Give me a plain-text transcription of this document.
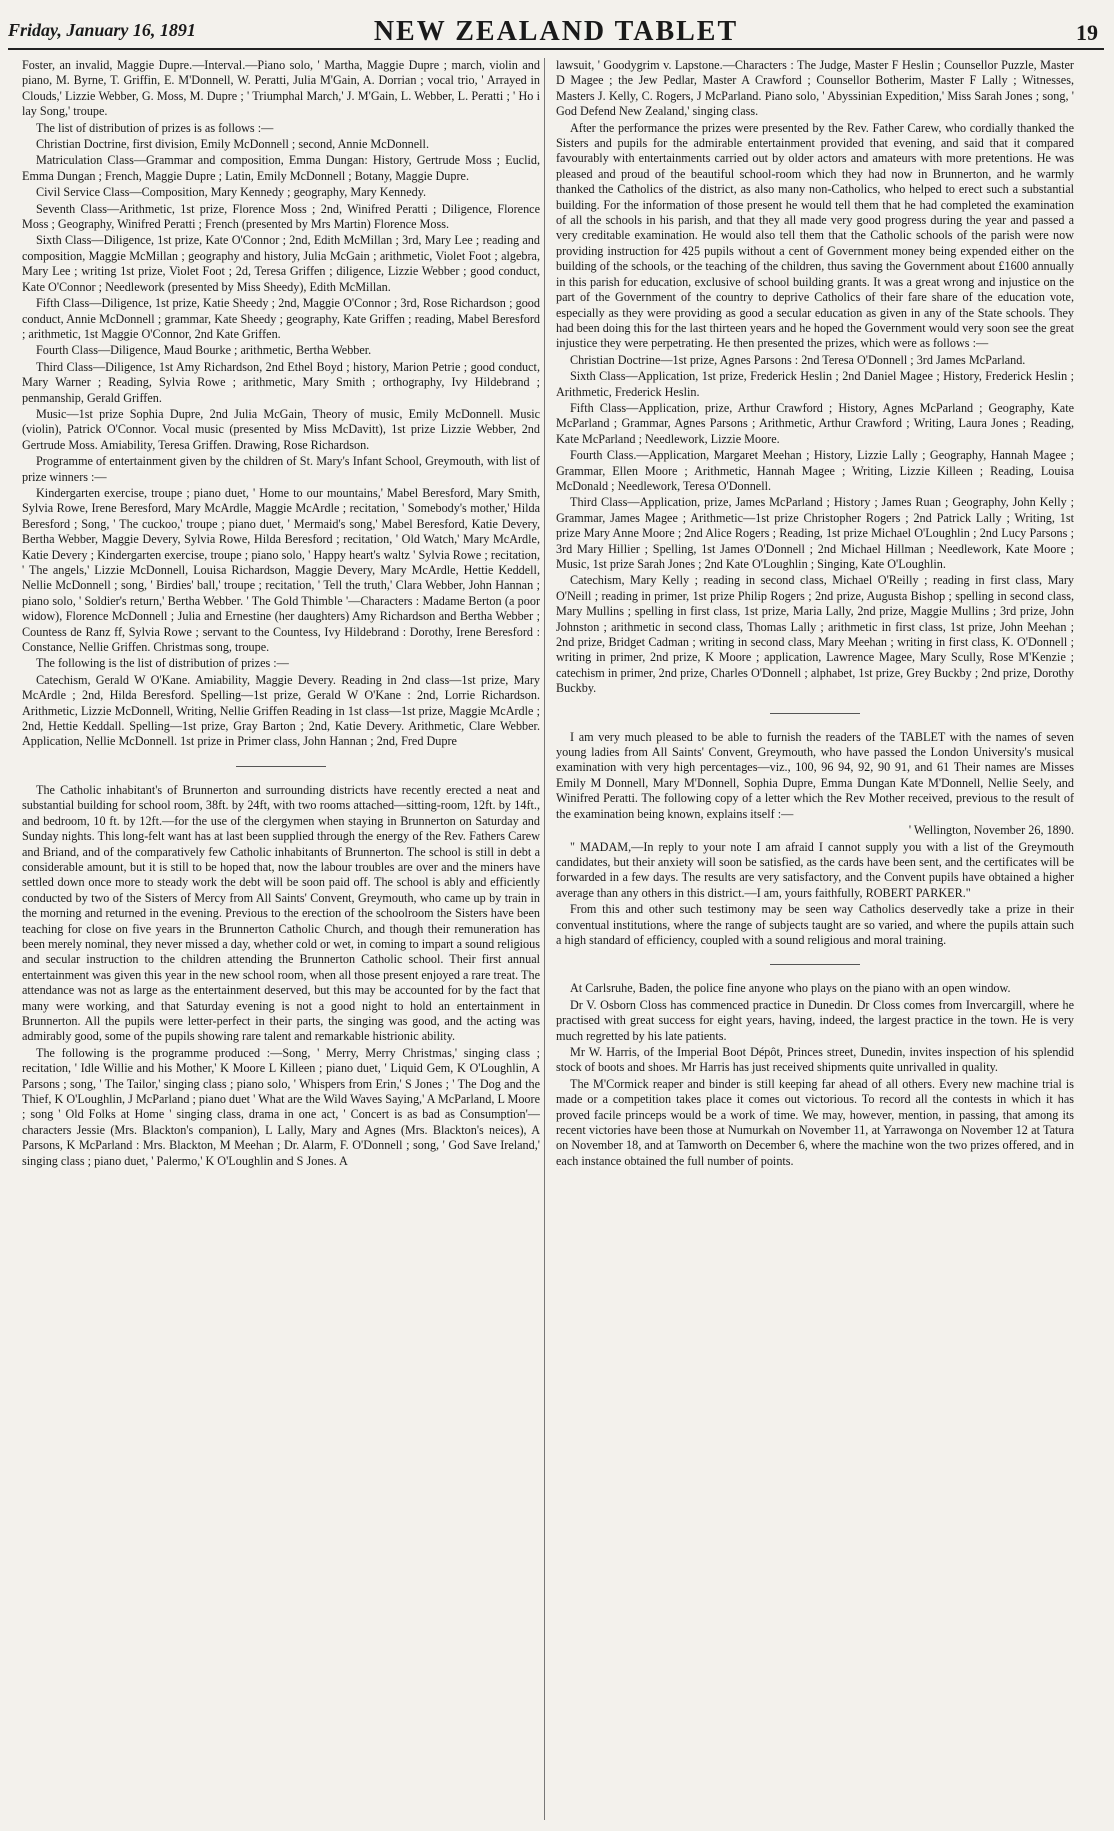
Friday, January 16, 1891	NEW ZEALAND TABLET	19

Foster, an invalid, Maggie Dupre.—Interval.—Piano solo, ' Martha, Maggie Dupre ; march, violin and piano, M. Byrne, T. Griffin, E. M'Donnell, W. Peratti, Julia M'Gain, A. Dorrian ; vocal trio, ' Arrayed in Clouds,' Lizzie Webber, G. Moss, M. Dupre ; ' Triumphal March,' J. M'Gain, L. Webber, L. Peratti ; ' Ho i lay Song,' troupe.

The list of distribution of prizes is as follows :—

Christian Doctrine, first division, Emily McDonnell ; second, Annie McDonnell.

Matriculation Class—Grammar and composition, Emma Dungan: History, Gertrude Moss ; Euclid, Emma Dungan ; French, Maggie Dupre ; Latin, Emily McDonnell ; Botany, Maggie Dupre.

Civil Service Class—Composition, Mary Kennedy ; geography, Mary Kennedy.

Seventh Class—Arithmetic, 1st prize, Florence Moss ; 2nd, Winifred Peratti ; Diligence, Florence Moss ; Geography, Winifred Peratti ; French (presented by Mrs Martin) Florence Moss.

Sixth Class—Diligence, 1st prize, Kate O'Connor ; 2nd, Edith McMillan ; 3rd, Mary Lee ; reading and composition, Maggie McMillan ; geography and history, Julia McGain ; arithmetic, Violet Foot ; algebra, Mary Lee ; writing 1st prize, Violet Foot ; 2d, Teresa Griffen ; diligence, Lizzie Webber ; good conduct, Kate O'Connor ; Needlework (presented by Miss Sheedy), Edith McMillan.

Fifth Class—Diligence, 1st prize, Katie Sheedy ; 2nd, Maggie O'Connor ; 3rd, Rose Richardson ; good conduct, Annie McDonnell ; grammar, Kate Sheedy ; geography, Kate Griffen ; reading, Mabel Beresford ; arithmetic, 1st Maggie O'Connor, 2nd Kate Griffen.

Fourth Class—Diligence, Maud Bourke ; arithmetic, Bertha Webber.

Third Class—Diligence, 1st Amy Richardson, 2nd Ethel Boyd ; history, Marion Petrie ; good conduct, Mary Warner ; Reading, Sylvia Rowe ; arithmetic, Mary Smith ; orthography, Ivy Hildebrand ; penmanship, Gerald Griffen.

Music—1st prize Sophia Dupre, 2nd Julia McGain, Theory of music, Emily McDonnell. Music (violin), Patrick O'Connor. Vocal music (presented by Miss McDavitt), 1st prize Lizzie Webber, 2nd Gertrude Moss. Amiability, Teresa Griffen. Drawing, Rose Richardson.

Programme of entertainment given by the children of St. Mary's Infant School, Greymouth, with list of prize winners :—

Kindergarten exercise, troupe ; piano duet, ' Home to our mountains,' Mabel Beresford, Mary Smith, Sylvia Rowe, Irene Beresford, Mary McArdle, Maggie McArdle ; recitation, ' Somebody's mother,' Hilda Beresford ; Song, ' The cuckoo,' troupe ; piano duet, ' Mermaid's song,' Mabel Beresford, Katie Devery, Bertha Webber, Maggie Devery, Sylvia Rowe, Hilda Beresford ; recitation, ' Old Watch,' Mary McArdle, Katie Devery ; Kindergarten exercise, troupe ; piano solo, ' Happy heart's waltz ' Sylvia Rowe ; recitation, ' The angels,' Lizzie McDonnell, Louisa Richardson, Maggie Devery, Mary McArdle, Hettie Keddell, Nellie McDonnell ; song, ' Birdies' ball,' troupe ; recitation, ' Tell the truth,' Clara Webber, John Hannan ; piano solo, ' Soldier's return,' Bertha Webber. ' The Gold Thimble '—Characters : Madame Berton (a poor widow), Florence McDonnell ; Julia and Ernestine (her daughters) Amy Richardson and Bertha Webber ; Countess de Ranz ff, Sylvia Rowe ; servant to the Countess, Ivy Hildebrand : Dorothy, Irene Beresford : Constance, Nellie Griffen. Christmas song, troupe.

The following is the list of distribution of prizes :—

Catechism, Gerald W O'Kane. Amiability, Maggie Devery. Reading in 2nd class—1st prize, Mary McArdle ; 2nd, Hilda Beresford. Spelling—1st prize, Gerald W O'Kane : 2nd, Lorrie Richardson. Arithmetic, Lizzie McDonnell, Writing, Nellie Griffen Reading in 1st class—1st prize, Maggie McArdle ; 2nd, Hettie Keddall. Spelling—1st prize, Gray Barton ; 2nd, Katie Devery. Arithmetic, Clare Webber. Application, Nellie McDonnell. 1st prize in Primer class, John Hannan ; 2nd, Fred Dupre

The Catholic inhabitant's of Brunnerton and surrounding districts have recently erected a neat and substantial building for school room, 38ft. by 24ft, with two rooms attached—sitting-room, 12ft. by 14ft., and bedroom, 10 ft. by 12ft.—for the use of the clergymen when staying in Brunnerton on Saturday and Sunday nights. This long-felt want has at last been supplied through the energy of the Rev. Fathers Carew and Briand, and of the comparatively few Catholic inhabitants of Brunnerton. The school is still in debt a considerable amount, but it is still to be hoped that, now the labour troubles are over and the miners have settled down once more to steady work the debt will be soon paid off. The school is ably and efficiently conducted by two of the Sisters of Mercy from All Saints' Convent, Greymouth, who came up by train in the morning and returned in the evening. Previous to the erection of the schoolroom the Sisters have been teaching for close on five years in the Brunnerton Catholic Church, and though their remuneration has been merely nominal, they never missed a day, whether cold or wet, in coming to impart a sound religious and secular instruction to the children attending the Brunnerton Catholic school. Their first annual entertainment was given this year in the new school room, when all those present enjoyed a rare treat. The attendance was not as large as the entertainment deserved, but this may be accounted for by the fact that many were working, and that Saturday evening is not a good night to hold an entertainment in Brunnerton. All the pupils were letter-perfect in their parts, the singing was good, and the acting was admirably good, some of the pupils showing rare talent and remarkable histrionic ability.

The following is the programme produced :—Song, ' Merry, Merry Christmas,' singing class ; recitation, ' Idle Willie and his Mother,' K Moore L Killeen ; piano duet, ' Liquid Gem, K O'Loughlin, A Parsons ; song, ' The Tailor,' singing class ; piano solo, ' Whispers from Erin,' S Jones ; ' The Dog and the Thief, K O'Loughlin, J McParland ; piano duet ' What are the Wild Waves Saying,' A McParland, L Moore ; song ' Old Folks at Home ' singing class, drama in one act, ' Concert is as bad as Consumption'—characters Jessie (Mrs. Blackton's companion), L Lally, Mary and Agnes (Mrs. Blackton's neices), A Parsons, K McParland : Mrs. Blackton, M Meehan ; Dr. Alarm, F. O'Donnell ; song, ' God Save Ireland,' singing class ; piano duet, ' Palermo,' K O'Loughlin and S Jones. A

lawsuit, ' Goodygrim v. Lapstone.—Characters : The Judge, Master F Heslin ; Counsellor Puzzle, Master D Magee ; the Jew Pedlar, Master A Crawford ; Counsellor Botherim, Master F Lally ; Witnesses, Masters J. Kelly, C. Rogers, J McParland. Piano solo, ' Abyssinian Expedition,' Miss Sarah Jones ; song, ' God Defend New Zealand,' singing class.

After the performance the prizes were presented by the Rev. Father Carew, who cordially thanked the Sisters and pupils for the admirable entertainment provided that evening, and said that it compared favourably with entertainments carried out by older actors and amateurs with more pretentions. He was pleased and proud of the beautiful school-room which they had now in Brunnerton, and he warmly thanked the Catholics of the district, as also many non-Catholics, who helped to erect such a substantial building. For the information of those present he would tell them that he had completed the examination of all the schools in his parish, and that they all made very good progress during the year and passed a very creditable examination. He would also tell them that the Catholic schools of the parish were now providing instruction for 425 pupils without a cent of Government money being expended either on the building of the schools, or the teaching of the children, thus saving the Government about £1600 annually in this parish for education, exclusive of school building grants. It was a great wrong and injustice on the part of the Government of the country to deprive Catholics of their fare share of the education vote, especially as they were providing as good a secular education as given in any of the State schools. They had been doing this for the last thirteen years and he hoped the Government would very soon see the great injustice they were perpetrating. He then presented the prizes, which were as follows :—

Christian Doctrine—1st prize, Agnes Parsons : 2nd Teresa O'Donnell ; 3rd James McParland.

Sixth Class—Application, 1st prize, Frederick Heslin ; 2nd Daniel Magee ; History, Frederick Heslin ; Arithmetic, Frederick Heslin.

Fifth Class—Application, prize, Arthur Crawford ; History, Agnes McParland ; Geography, Kate McParland ; Grammar, Agnes Parsons ; Arithmetic, Arthur Crawford ; Writing, Laura Jones ; Reading, Kate McParland ; Needlework, Lizzie Moore.

Fourth Class.—Application, Margaret Meehan ; History, Lizzie Lally ; Geography, Hannah Magee ; Grammar, Ellen Moore ; Arithmetic, Hannah Magee ; Writing, Lizzie Killeen ; Reading, Louisa McDonald ; Needlework, Teresa O'Donnell.

Third Class—Application, prize, James McParland ; History ; James Ruan ; Geography, John Kelly ; Grammar, James Magee ; Arithmetic—1st prize Christopher Rogers ; 2nd Patrick Lally ; Writing, 1st prize Mary Anne Moore ; 2nd Alice Rogers ; Reading, 1st prize Michael O'Loughlin ; 2nd Lucy Parsons ; 3rd Mary Hillier ; Spelling, 1st James O'Donnell ; 2nd Michael Hillman ; Needlework, Kate Moore ; Music, 1st prize Sarah Jones ; 2nd Kate O'Loughlin ; Singing, Kate O'Loughlin.

Catechism, Mary Kelly ; reading in second class, Michael O'Reilly ; reading in first class, Mary O'Neill ; reading in primer, 1st prize Philip Rogers ; 2nd prize, Augusta Bishop ; spelling in second class, Mary Mullins ; spelling in first class, 1st prize, Maria Lally, 2nd prize, Maggie Mullins ; 3rd prize, John Johnston ; arithmetic in second class, Thomas Lally ; arithmetic in first class, 1st prize, John Meehan ; 2nd prize, Bridget Cadman ; writing in second class, Mary Meehan ; writing in first class, K. O'Donnell ; writing in primer, 2nd prize, K Moore ; application, Lawrence Magee, Mary Scully, Rose M'Kenzie ; catechism in primer, 2nd prize, Charles O'Donnell ; alphabet, 1st prize, Grey Buckby ; 2nd prize, Dorothy Buckby.

I am very much pleased to be able to furnish the readers of the TABLET with the names of seven young ladies from All Saints' Convent, Greymouth, who have passed the London University's musical examination with very high percentages—viz., 100, 96 94, 92, 90 91, and 61 Their names are Misses Emily M Donnell, Mary M'Donnell, Sophia Dupre, Emma Dungan Kate M'Donnell, Nellie Seely, and Winifred Peratti. The following copy of a letter which the Rev Mother received, previous to the result of the examination being known, explains itself :—

' Wellington, November 26, 1890.

" MADAM,—In reply to your note I am afraid I cannot supply you with a list of the Greymouth candidates, but their anxiety will soon be satisfied, as the cards have been sent, and the certificates will be forwarded in a few days. The results are very satisfactory, and the Convent pupils have obtained a higher average than any others in this district.—I am, yours faithfully, ROBERT PARKER."

From this and other such testimony may be seen way Catholics deservedly take a prize in their conventual institutions, where the range of subjects taught are so varied, and where the pupils attain such a high standard of efficiency, coupled with a sound religious and moral training.

At Carlsruhe, Baden, the police fine anyone who plays on the piano with an open window.

Dr V. Osborn Closs has commenced practice in Dunedin. Dr Closs comes from Invercargill, where he practised with great success for eight years, having, indeed, the largest practice in the town. He is very much regretted by his late patients.

Mr W. Harris, of the Imperial Boot Dépôt, Princes street, Dunedin, invites inspection of his splendid stock of boots and shoes. Mr Harris has just received shipments quite unrivalled in quality.

The M'Cormick reaper and binder is still keeping far ahead of all others. Every new machine trial is made or a competition takes place it comes out victorious. To record all the contests in which it has proved facile princeps would be a work of time. We may, however, mention, in passing, that among its recent victories have been those at Numurkah on November 11, at Yarrawonga on November 12 at Tatura on November 18, and at Tamworth on December 6, where the machine won the two prizes offered, and in each instance obtained the full number of points.
